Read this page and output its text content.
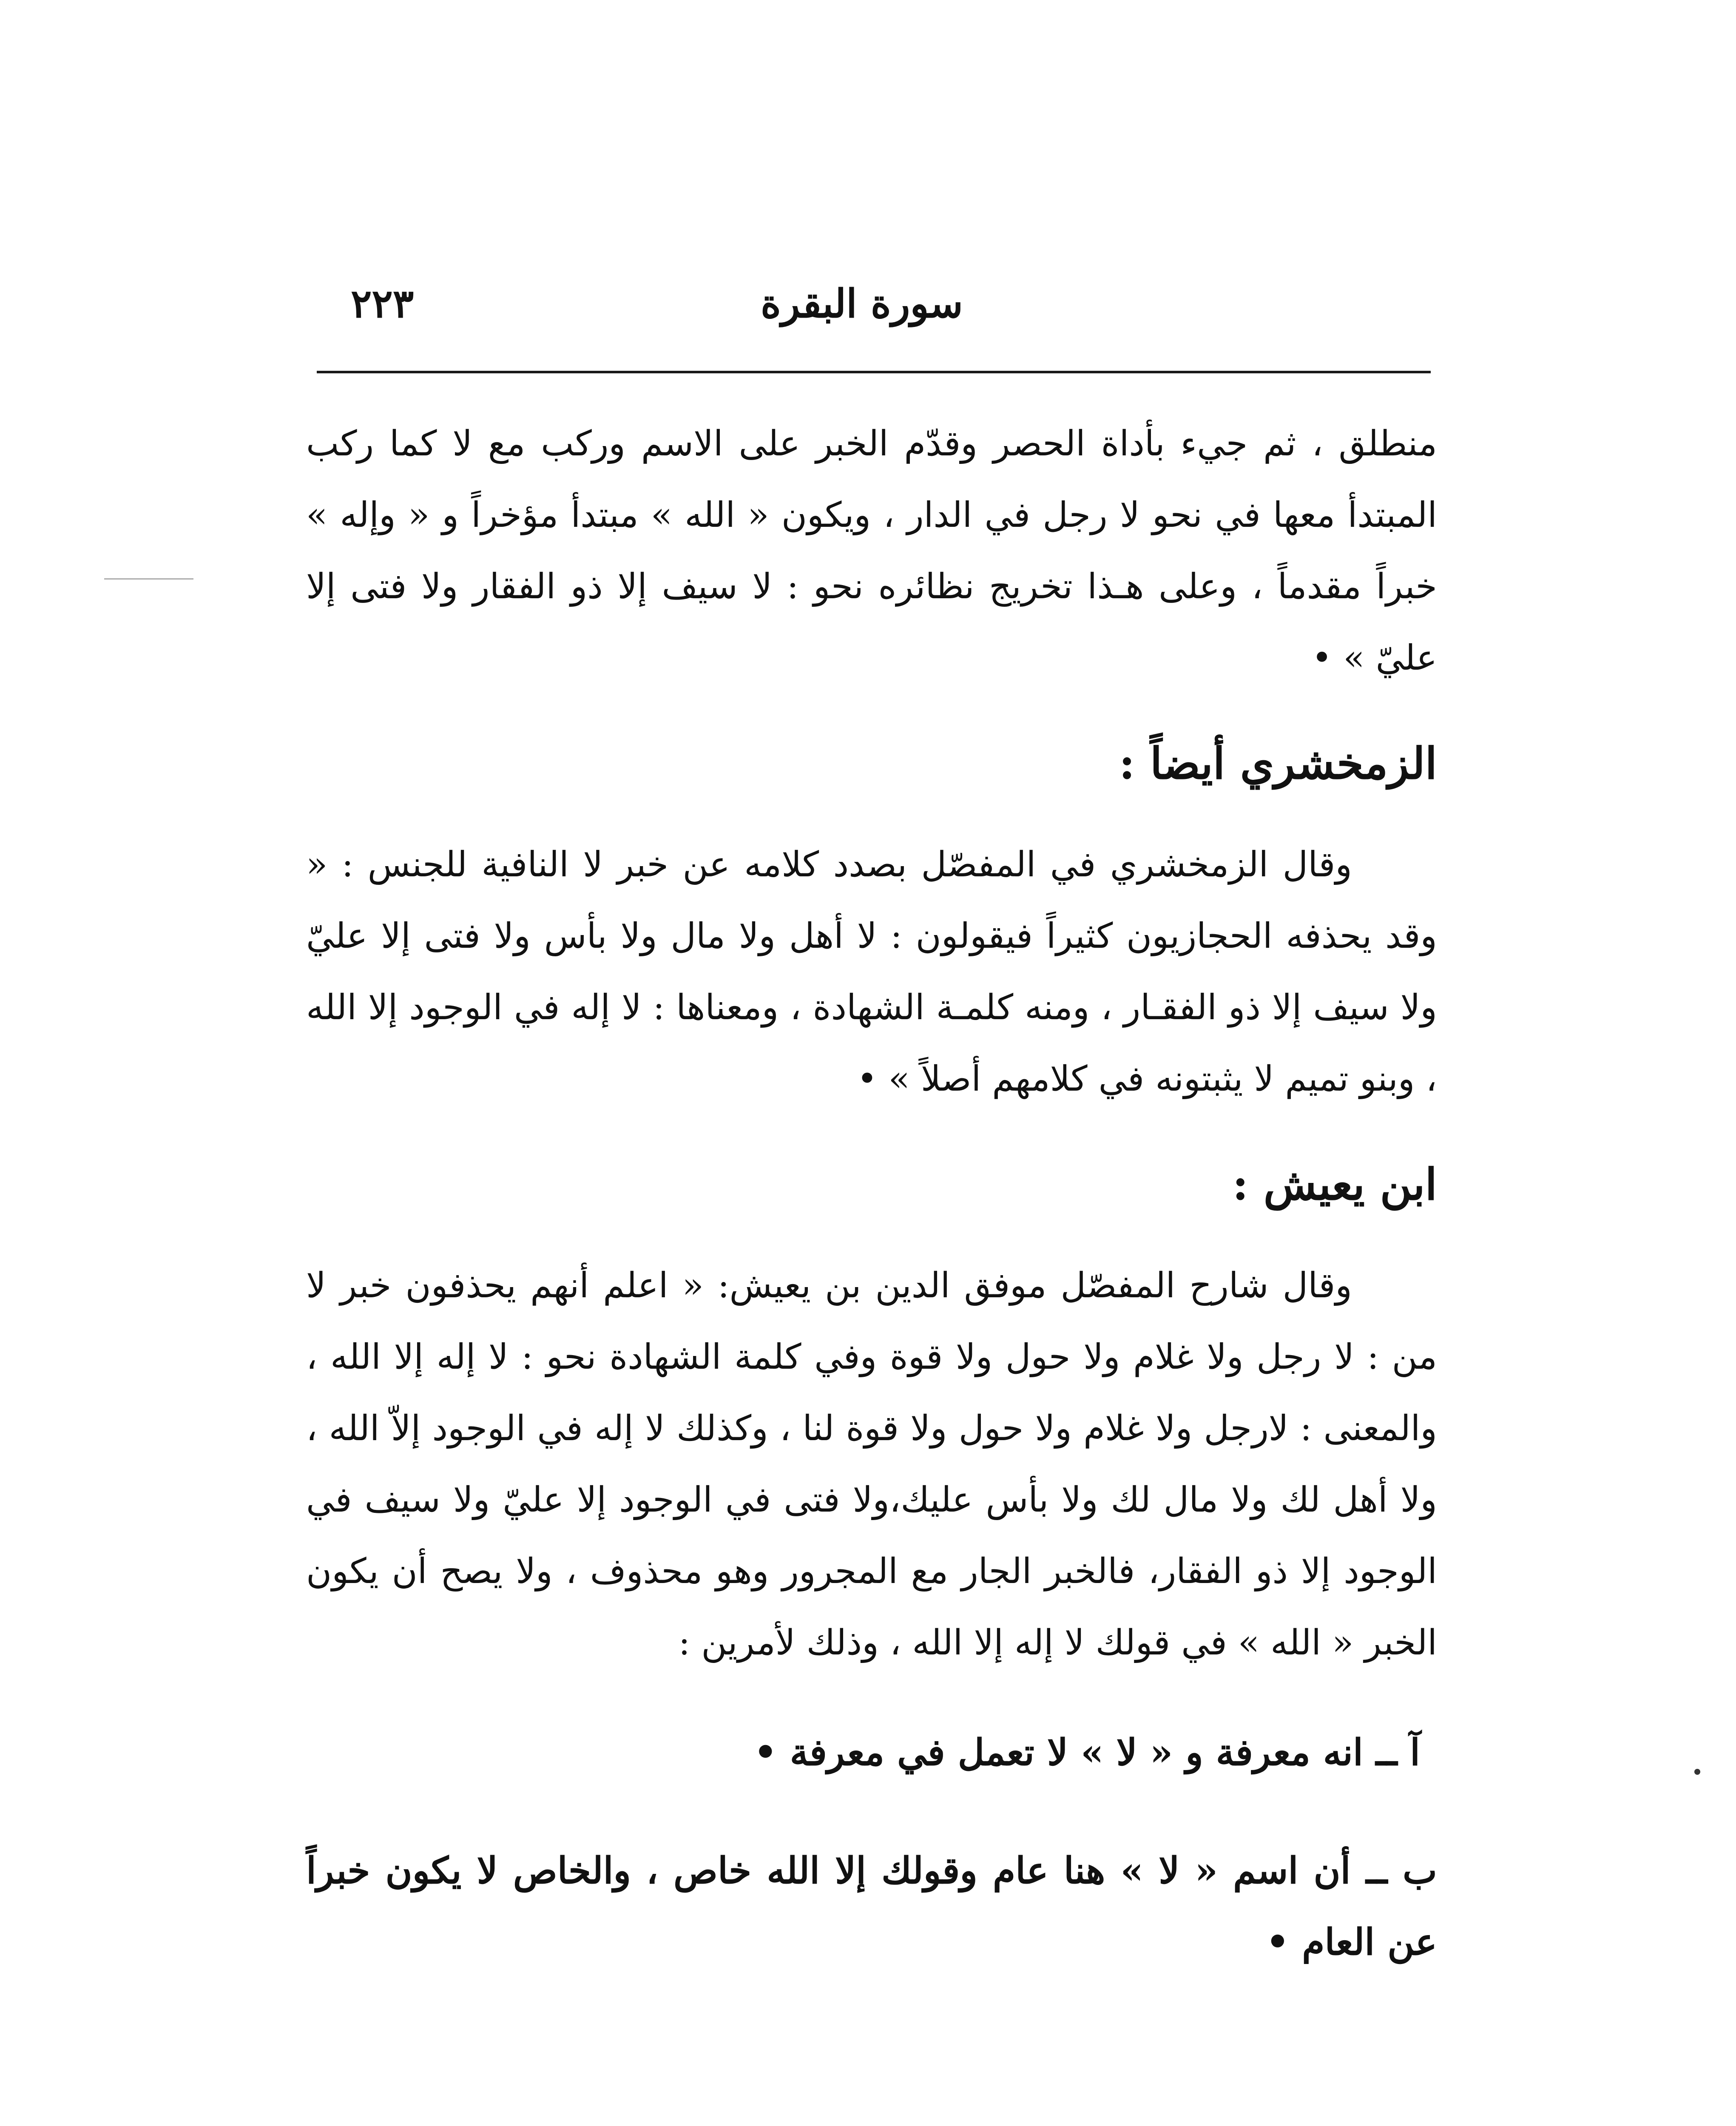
سورة البقرة
٢٢٣

منطلق ، ثم جيء بأداة الحصر وقدّم الخبر على الاسم وركب مع لا كما ركب المبتدأ معها في نحو لا رجل في الدار ، ويكون « الله » مبتدأ مؤخراً و « وإله » خبراً مقدماً ، وعلى هـذا تخريج نظائره نحو : لا سيف إلا ذو الفقار ولا فتى إلا عليّ » •

الزمخشري أيضاً :

وقال الزمخشري في المفصّل بصدد كلامه عن خبر لا النافية للجنس : « وقد يحذفه الحجازيون كثيراً فيقولون : لا أهل ولا مال ولا بأس ولا فتى إلا عليّ ولا سيف إلا ذو الفقـار ، ومنه كلمـة الشهادة ، ومعناها : لا إله في الوجود إلا الله ، وبنو تميم لا يثبتونه في كلامهم أصلاً » •

ابن يعيش :

وقال شارح المفصّل موفق الدين بن يعيش: « اعلم أنهم يحذفون خبر لا من : لا رجل ولا غلام ولا حول ولا قوة وفي كلمة الشهادة نحو : لا إله إلا الله ، والمعنى : لارجل ولا غلام ولا حول ولا قوة لنا ، وكذلك لا إله في الوجود إلاّ الله ، ولا أهل لك ولا مال لك ولا بأس عليك،ولا فتى في الوجود إلا عليّ ولا سيف في الوجود إلا ذو الفقار، فالخبر الجار مع المجرور وهو محذوف ، ولا يصح أن يكون الخبر « الله » في قولك لا إله إلا الله ، وذلك لأمرين :

آ ــ انه معرفة و « لا » لا تعمل في معرفة •

ب ــ أن اسم « لا » هنا عام وقولك إلا الله خاص ، والخاص لا يكون خبراً عن العام •
